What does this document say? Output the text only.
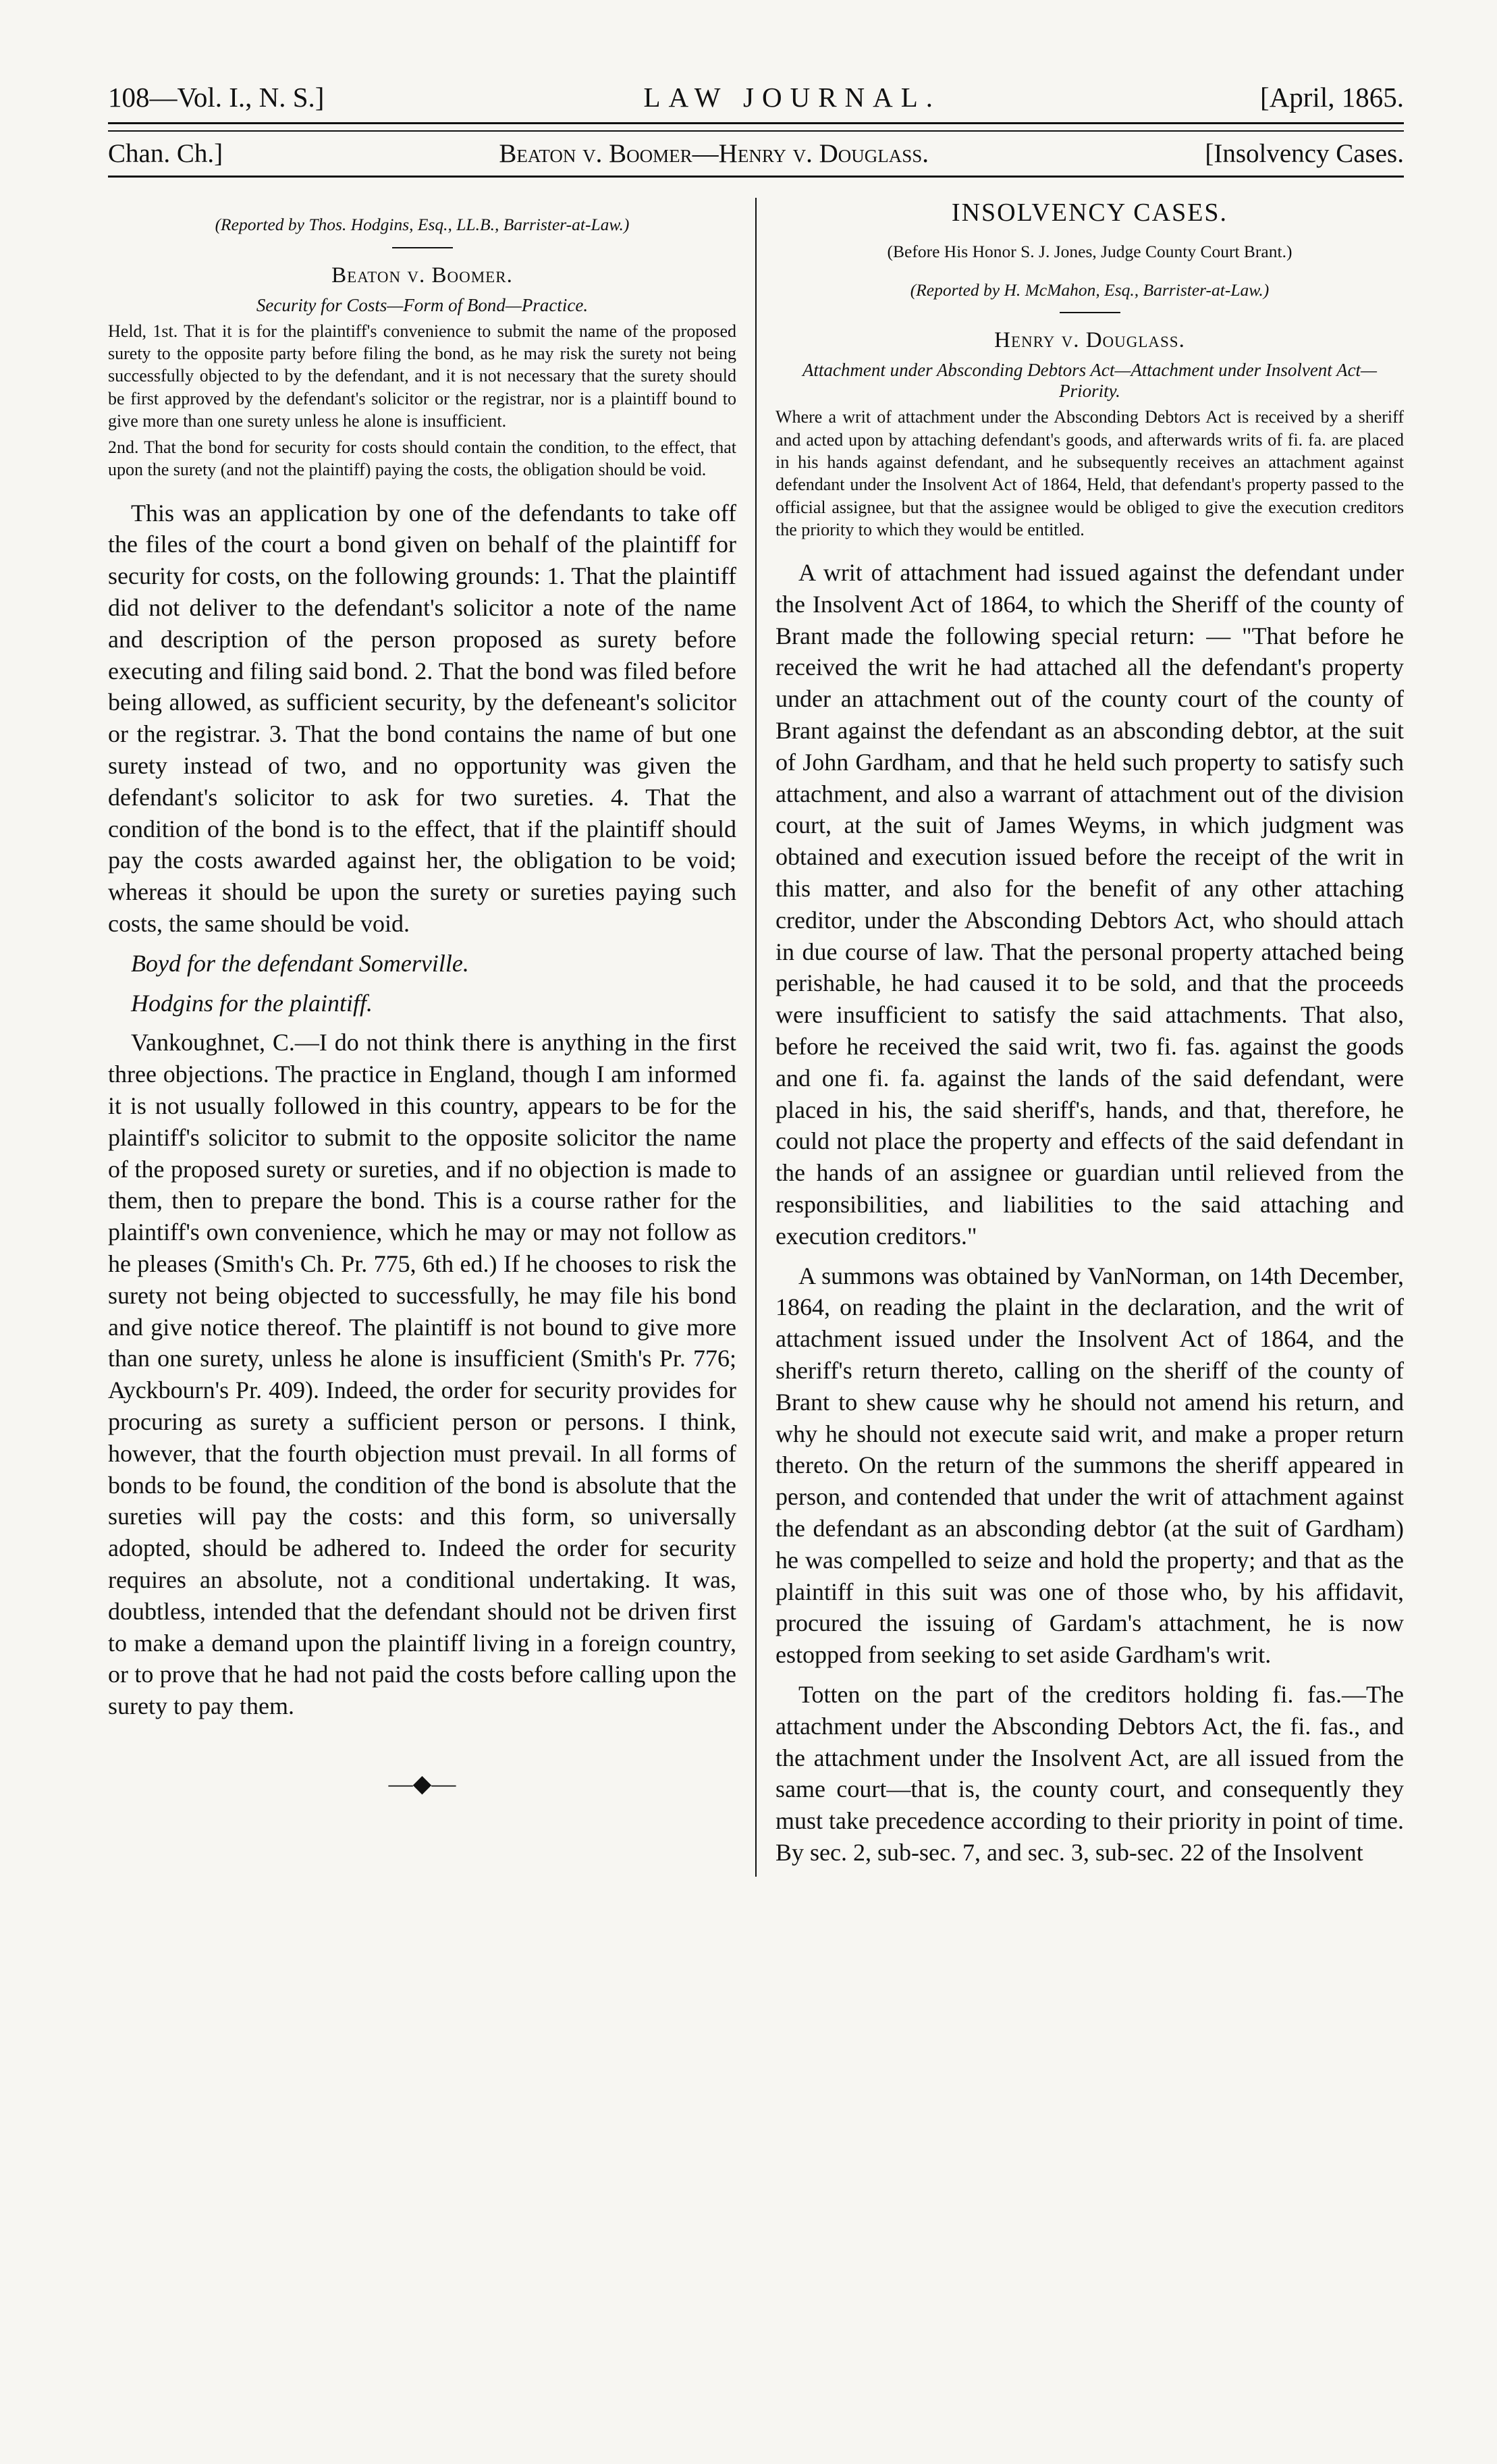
108—Vol. I., N. S.]	LAW JOURNAL.	[April, 1865.
Chan. Ch.]	Beaton v. Boomer—Henry v. Douglass.	[Insolvency Cases.
(Reported by Thos. Hodgins, Esq., LL.B., Barrister-at-Law.)
Beaton v. Boomer.
Security for Costs—Form of Bond—Practice.

Held, 1st. That it is for the plaintiff's convenience to submit the name of the proposed surety to the opposite party before filing the bond, as he may risk the surety not being successfully objected to by the defendant, and it is not necessary that the surety should be first approved by the defendant's solicitor or the registrar, nor is a plaintiff bound to give more than one surety unless he alone is insufficient.

2nd. That the bond for security for costs should contain the condition, to the effect, that upon the surety (and not the plaintiff) paying the costs, the obligation should be void.

This was an application by one of the defendants to take off the files of the court a bond given on behalf of the plaintiff for security for costs, on the following grounds: 1. That the plaintiff did not deliver to the defendant's solicitor a note of the name and description of the person proposed as surety before executing and filing said bond. 2. That the bond was filed before being allowed, as sufficient security, by the defeneant's solicitor or the registrar. 3. That the bond contains the name of but one surety instead of two, and no opportunity was given the defendant's solicitor to ask for two sureties. 4. That the condition of the bond is to the effect, that if the plaintiff should pay the costs awarded against her, the obligation to be void; whereas it should be upon the surety or sureties paying such costs, the same should be void.

Boyd for the defendant Somerville.

Hodgins for the plaintiff.

Vankoughnet, C.—I do not think there is anything in the first three objections. The practice in England, though I am informed it is not usually followed in this country, appears to be for the plaintiff's solicitor to submit to the opposite solicitor the name of the proposed surety or sureties, and if no objection is made to them, then to prepare the bond. This is a course rather for the plaintiff's own convenience, which he may or may not follow as he pleases (Smith's Ch. Pr. 775, 6th ed.) If he chooses to risk the surety not being objected to successfully, he may file his bond and give notice thereof. The plaintiff is not bound to give more than one surety, unless he alone is insufficient (Smith's Pr. 776; Ayckbourn's Pr. 409). Indeed, the order for security provides for procuring as surety a sufficient person or persons. I think, however, that the fourth objection must prevail. In all forms of bonds to be found, the condition of the bond is absolute that the sureties will pay the costs: and this form, so universally adopted, should be adhered to. Indeed the order for security requires an absolute, not a conditional undertaking. It was, doubtless, intended that the defendant should not be driven first to make a demand upon the plaintiff living in a foreign country, or to prove that he had not paid the costs before calling upon the surety to pay them.

—◆—
INSOLVENCY CASES.
(Before His Honor S. J. Jones, Judge County Court Brant.)
(Reported by H. McMahon, Esq., Barrister-at-Law.)
Henry v. Douglass.
Attachment under Absconding Debtors Act—Attachment under Insolvent Act—Priority.

Where a writ of attachment under the Absconding Debtors Act is received by a sheriff and acted upon by attaching defendant's goods, and afterwards writs of fi. fa. are placed in his hands against defendant, and he subsequently receives an attachment against defendant under the Insolvent Act of 1864, Held, that defendant's property passed to the official assignee, but that the assignee would be obliged to give the execution creditors the priority to which they would be entitled.

A writ of attachment had issued against the defendant under the Insolvent Act of 1864, to which the Sheriff of the county of Brant made the following special return: — "That before he received the writ he had attached all the defendant's property under an attachment out of the county court of the county of Brant against the defendant as an absconding debtor, at the suit of John Gardham, and that he held such property to satisfy such attachment, and also a warrant of attachment out of the division court, at the suit of James Weyms, in which judgment was obtained and execution issued before the receipt of the writ in this matter, and also for the benefit of any other attaching creditor, under the Absconding Debtors Act, who should attach in due course of law. That the personal property attached being perishable, he had caused it to be sold, and that the proceeds were insufficient to satisfy the said attachments. That also, before he received the said writ, two fi. fas. against the goods and one fi. fa. against the lands of the said defendant, were placed in his, the said sheriff's, hands, and that, therefore, he could not place the property and effects of the said defendant in the hands of an assignee or guardian until relieved from the responsibilities, and liabilities to the said attaching and execution creditors."

A summons was obtained by VanNorman, on 14th December, 1864, on reading the plaint in the declaration, and the writ of attachment issued under the Insolvent Act of 1864, and the sheriff's return thereto, calling on the sheriff of the county of Brant to shew cause why he should not amend his return, and why he should not execute said writ, and make a proper return thereto. On the return of the summons the sheriff appeared in person, and contended that under the writ of attachment against the defendant as an absconding debtor (at the suit of Gardham) he was compelled to seize and hold the property; and that as the plaintiff in this suit was one of those who, by his affidavit, procured the issuing of Gardam's attachment, he is now estopped from seeking to set aside Gardham's writ.

Totten on the part of the creditors holding fi. fas.—The attachment under the Absconding Debtors Act, the fi. fas., and the attachment under the Insolvent Act, are all issued from the same court—that is, the county court, and consequently they must take precedence according to their priority in point of time. By sec. 2, sub-sec. 7, and sec. 3, sub-sec. 22 of the Insolvent
